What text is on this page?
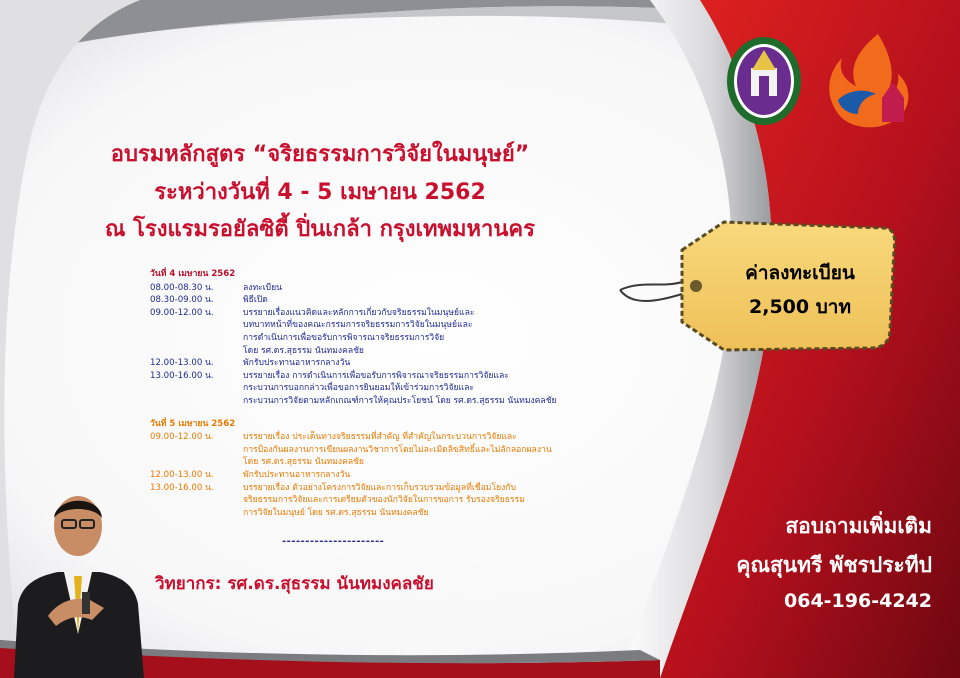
อบรมหลักสูตร “จริยธรรมการวิจัยในมนุษย์”
ระหว่างวันที่ 4 - 5 เมษายน 2562
ณ โรงแรมรอยัลซิตี้ ปิ่นเกล้า กรุงเทพมหานคร
ค่าลงทะเบียน
2,500 บาท
วันที่ 4 เมษายน 2562
08.00-08.30 น.	ลงทะเบียน
08.30-09.00 น.	พิธีเปิด
09.00-12.00 น.	บรรยายเรื่องแนวคิดและหลักการเกี่ยวกับจริยธรรมในมนุษย์และ
บทบาทหน้าที่ของคณะกรรมการจริยธรรมการวิจัยในมนุษย์และ
การดำเนินการเพื่อขอรับการพิจารณาจริยธรรมการวิจัย
โดย รศ.ดร.สุธรรม นันทมงคลชัย
12.00-13.00 น.	พักรับประทานอาหารกลางวัน
13.00-16.00 น.	บรรยายเรื่อง การดำเนินการเพื่อขอรับการพิจารณาจริยธรรมการวิจัยและ
กระบวนการบอกกล่าวเพื่อขอการยินยอมให้เข้าร่วมการวิจัยและ
กระบวนการวิจัยตามหลักเกณฑ์การให้คุณประโยชน์ โดย รศ.ดร.สุธรรม นันทมงคลชัย
วันที่ 5 เมษายน 2562
09.00-12.00 น.	บรรยายเรื่อง ประเด็นทางจริยธรรมที่สำคัญ ที่สำคัญในกระบวนการวิจัยและ
การป้องกันผลงานการเขียนผลงานวิชาการโดยไม่ละเมิดลิขสิทธิ์และไม่ลักลอกผลงาน
โดย รศ.ดร.สุธรรม นันทมงคลชัย
12.00-13.00 น.	พักรับประทานอาหารกลางวัน
13.00-16.00 น.	บรรยายเรื่อง ตัวอย่างโครงการวิจัยและการเก็บรวบรวมข้อมูลที่เชื่อมโยงกับ
จริยธรรมการวิจัยและการเตรียมตัวของนักวิจัยในการขอการ รับรองจริยธรรม
การวิจัยในมนุษย์ โดย รศ.ดร.สุธรรม นันทมงคลชัย
----------------------
วิทยากร: รศ.ดร.สุธรรม นันทมงคลชัย
สอบถามเพิ่มเติม
คุณสุนทรี พัชรประทีป
064-196-4242
